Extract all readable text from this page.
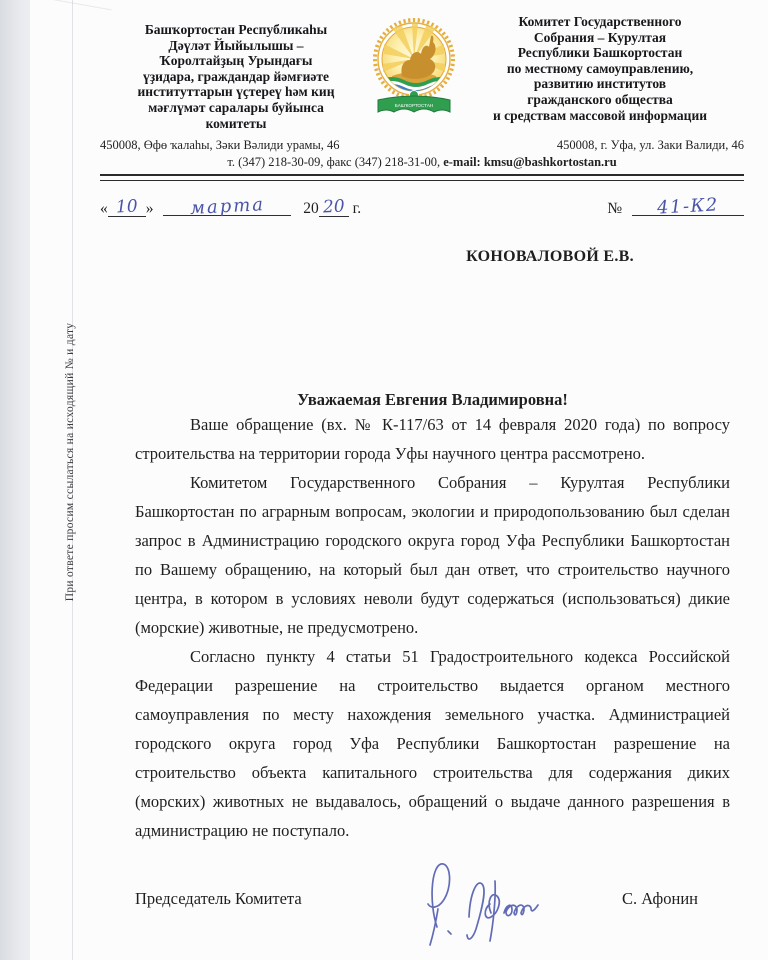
При ответе просим ссылаться на исходящий № и дату
Башҡортостан Республикаһы
Дәүләт Йыйылышы –
Ҡоролтайҙың Урындағы
үҙидара, граждандар йәмғиәте
институттарын үҫтереү һәм киң
мәғлүмәт саралары буйынса
комитеты
БАШҠОРТОСТАН
Комитет Государственного
Собрания – Курултая
Республики Башкортостан
по местному самоуправлению,
развитию институтов
гражданского общества
и средствам массовой информации
450008, Өфө ҡалаһы, Зәки Вәлиди урамы, 46	450008, г. Уфа, ул. Заки Валиди, 46
т. (347) 218-30-09, факс (347) 218-31-00, e-mail: kmsu@bashkortostan.ru
« 10 » марта 20 20 г.	№ 41-К2
КОНОВАЛОВОЙ Е.В.
Уважаемая Евгения Владимировна!

Ваше обращение (вх. № К-117/63 от 14 февраля 2020 года) по вопросу строительства на территории города Уфы научного центра рассмотрено.

Комитетом Государственного Собрания – Курултая Республики Башкортостан по аграрным вопросам, экологии и природопользованию был сделан запрос в Администрацию городского округа город Уфа Республики Башкортостан по Вашему обращению, на который был дан ответ, что строительство научного центра, в котором в условиях неволи будут содержаться (использоваться) дикие (морские) животные, не предусмотрено.

Согласно пункту 4 статьи 51 Градостроительного кодекса Российской Федерации разрешение на строительство выдается органом местного самоуправления по месту нахождения земельного участка. Администрацией городского округа город Уфа Республики Башкортостан разрешение на строительство объекта капитального строительства для содержания диких (морских) животных не выдавалось, обращений о выдаче данного разрешения в администрацию не поступало.

Председатель Комитета	С. Афонин
